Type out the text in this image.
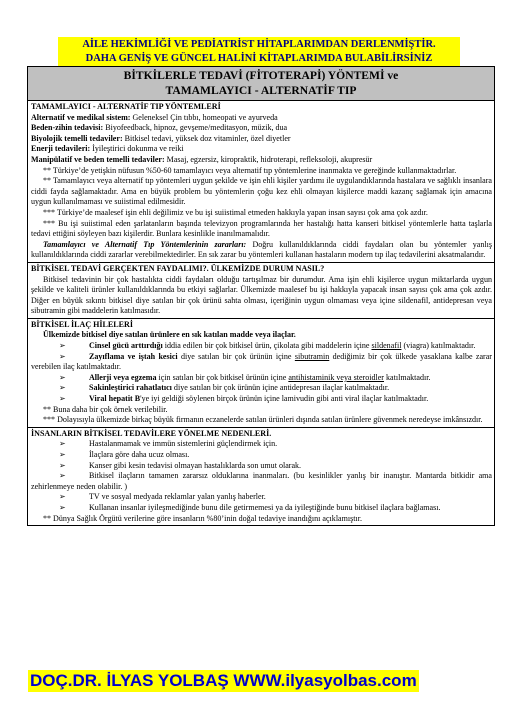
AİLE HEKİMLİĞİ VE PEDİATRİST HİTAPLARIMDAN DERLENMİŞTİR.
DAHA GENİŞ VE GÜNCEL HALİNİ KİTAPLARIMDA BULABİLİRSİNİZ
BİTKİLERLE TEDAVİ (FİTOTERAPİ) YÖNTEMİ ve
TAMAMLAYICI - ALTERNATİF TIP

TAMAMLAYICI - ALTERNATİF TIP YÖNTEMLERİ

Alternatif ve medikal sistem: Geleneksel Çin tıbbı, homeopati ve ayurveda

Beden-zihin tedavisi: Biyofeedback, hipnoz, gevşeme/meditasyon, müzik, dua

Biyolojik temelli tedaviler: Bitkisel tedavi, yüksek doz vitaminler, özel diyetler

Enerji tedavileri: İyileştirici dokunma ve reiki

Manipülatif ve beden temelli tedaviler: Masaj, egzersiz, kiropraktik, hidroterapi, refleksoloji, akupresür

** Türkiye’de yetişkin nüfusun %50-60 tamamlayıcı veya alternatif tıp yöntemlerine inanmakta ve gereğinde kullanmaktadırlar.

** Tamamlayıcı veya alternatif tıp yöntemleri uygun şekilde ve işin ehli kişiler yardımı ile uygulandıklarında hastalara ve sağlıklı insanlara ciddi fayda sağlamaktadır. Ama en büyük problem bu yöntemlerin çoğu kez ehli olmayan kişilerce maddi kazanç sağlamak için amacına uygun kullanılmaması ve suiistimal edilmesidir.

*** Türkiye’de maalesef işin ehli değilimiz ve bu işi suiistimal etmeden hakkıyla yapan insan sayısı çok ama çok azdır.

*** Bu işi suiistimal eden şarlatanların başında televizyon programlarında her hastalığı hatta kanseri bitkisel yöntemlerle hatta taşlarla tedavi ettiğini söyleyen bazı kişilerdir. Bunlara kesinlikle inanılmamalıdır.

Tamamlayıcı ve Alternatif Tıp Yöntemlerinin zararları: Doğru kullanıldıklarında ciddi faydaları olan bu yöntemler yanlış kullanıldıklarında ciddi zararlar verebilmektedirler. En sık zarar bu yöntemleri kullanan hastaların modern tıp ilaç tedavilerini aksatmalarıdır.

BİTKİSEL TEDAVİ GERÇEKTEN FAYDALIMI?. ÜLKEMİZDE DURUM NASIL?

Bitkisel tedavinin bir çok hastalıkta ciddi faydaları olduğu tartışılmaz bir durumdur. Ama işin ehli kişilerce uygun miktarlarda uygun şekilde ve kaliteli ürünler kullanıldıklarında bu etkiyi sağlarlar. Ülkemizde maalesef bu işi hakkıyla yapacak insan sayısı çok ama çok azdır. Diğer en büyük sıkıntı bitkisel diye satılan bir çok ürünü sahta olması, içeriğinin uygun olmaması veya içine sildenafil, antidepresan veya sibutramin gibi maddelerin katılmasıdır.

BİTKİSEL İLAÇ HİLELERİ

Ülkemizde bitkisel diye satılan ürünlere en sık katılan madde veya ilaçlar.

➢	Cinsel gücü arttırdığı iddia edilen bir çok bitkisel ürün, çikolata gibi maddelerin içine sildenafil (viagra) katılmaktadır.

➢	Zayıflama ve iştah kesici diye satılan bir çok ürünün içine sibutramin dediğimiz bir çok ülkede yasaklana kalbe zarar verebilen ilaç katılmaktadır.

➢	Allerji veya egzema için satılan bir çok bitkisel ürünün içine antihistaminik veya steroidler katılmaktadır.

➢	Sakinleştirici rahatlatıcı diye satılan bir çok ürünün içine antidepresan ilaçlar katılmaktadır.

➢	Viral hepatit B'ye iyi geldiği söylenen birçok ürünün içine lamivudin gibi anti viral ilaçlar katılmaktadır.

** Buna daha bir çok örnek verilebilir.

*** Dolayısıyla ülkemizde birkaç büyük firmanın eczanelerde satılan ürünleri dışında satılan ürünlere güvenmek neredeyse imkânsızdır.

İNSANLARIN BİTKİSEL TEDAVİLERE YÖNELME NEDENLERİ.

➢	Hastalanmamak ve immün sistemlerini güçlendirmek için.

➢	İlaçlara göre daha ucuz olması.

➢	Kanser gibi kesin tedavisi olmayan hastalıklarda son umut olarak.

➢	Bitkisel ilaçların tamamen zararsız olduklarına inanmaları. (bu kesinlikler yanlış bir inanıştır. Mantarda bitkidir ama zehirlenmeye neden olabilir. )

➢	TV ve sosyal medyada reklamlar yalan yanlış haberler.

➢	Kullanan insanlar iyileşmediğinde bunu dile getirmemesi ya da iyileştiğinde bunu bitkisel ilaçlara bağlaması.

** Dünya Sağlık Örgütü verilerine göre insanların %80’inin doğal tedaviye inandığını açıklamıştır.

DOÇ.DR. İLYAS YOLBAŞ WWW.ilyasyolbas.com
